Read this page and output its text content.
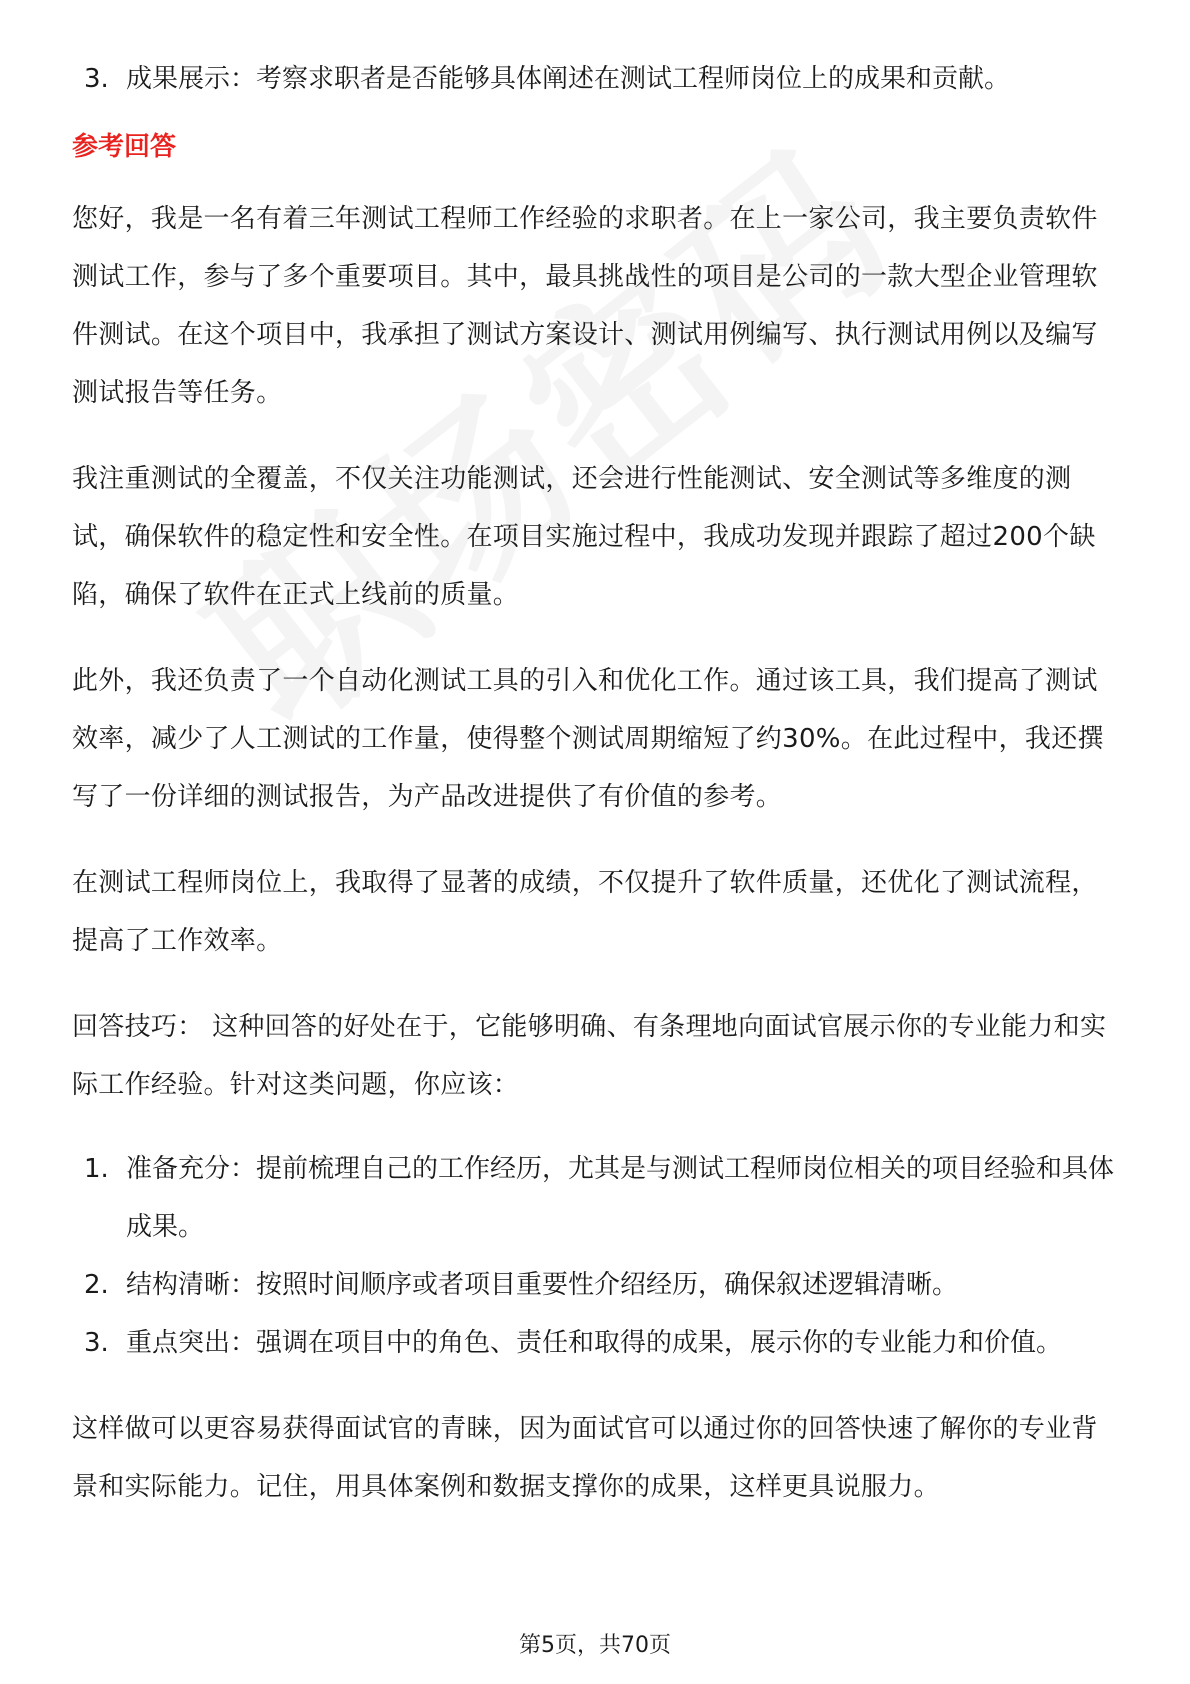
3. 成果展示：考察求职者是否能够具体阐述在测试工程师岗位上的成果和贡献。

参考回答

您好，我是一名有着三年测试工程师工作经验的求职者。在上一家公司，我主要负责软件测试工作，参与了多个重要项目。其中，最具挑战性的项目是公司的一款大型企业管理软件测试。在这个项目中，我承担了测试方案设计、测试用例编写、执行测试用例以及编写测试报告等任务。

我注重测试的全覆盖，不仅关注功能测试，还会进行性能测试、安全测试等多维度的测试，确保软件的稳定性和安全性。在项目实施过程中，我成功发现并跟踪了超过200个缺陷，确保了软件在正式上线前的质量。

此外，我还负责了一个自动化测试工具的引入和优化工作。通过该工具，我们提高了测试效率，减少了人工测试的工作量，使得整个测试周期缩短了约30%。在此过程中，我还撰写了一份详细的测试报告，为产品改进提供了有价值的参考。

在测试工程师岗位上，我取得了显著的成绩，不仅提升了软件质量，还优化了测试流程，提高了工作效率。

回答技巧： 这种回答的好处在于，它能够明确、有条理地向面试官展示你的专业能力和实际工作经验。针对这类问题，你应该：

1. 准备充分：提前梳理自己的工作经历，尤其是与测试工程师岗位相关的项目经验和具体成果。
2. 结构清晰：按照时间顺序或者项目重要性介绍经历，确保叙述逻辑清晰。
3. 重点突出：强调在项目中的角色、责任和取得的成果，展示你的专业能力和价值。

这样做可以更容易获得面试官的青睐，因为面试官可以通过你的回答快速了解你的专业背景和实际能力。记住，用具体案例和数据支撑你的成果，这样更具说服力。

第5页，共70页
